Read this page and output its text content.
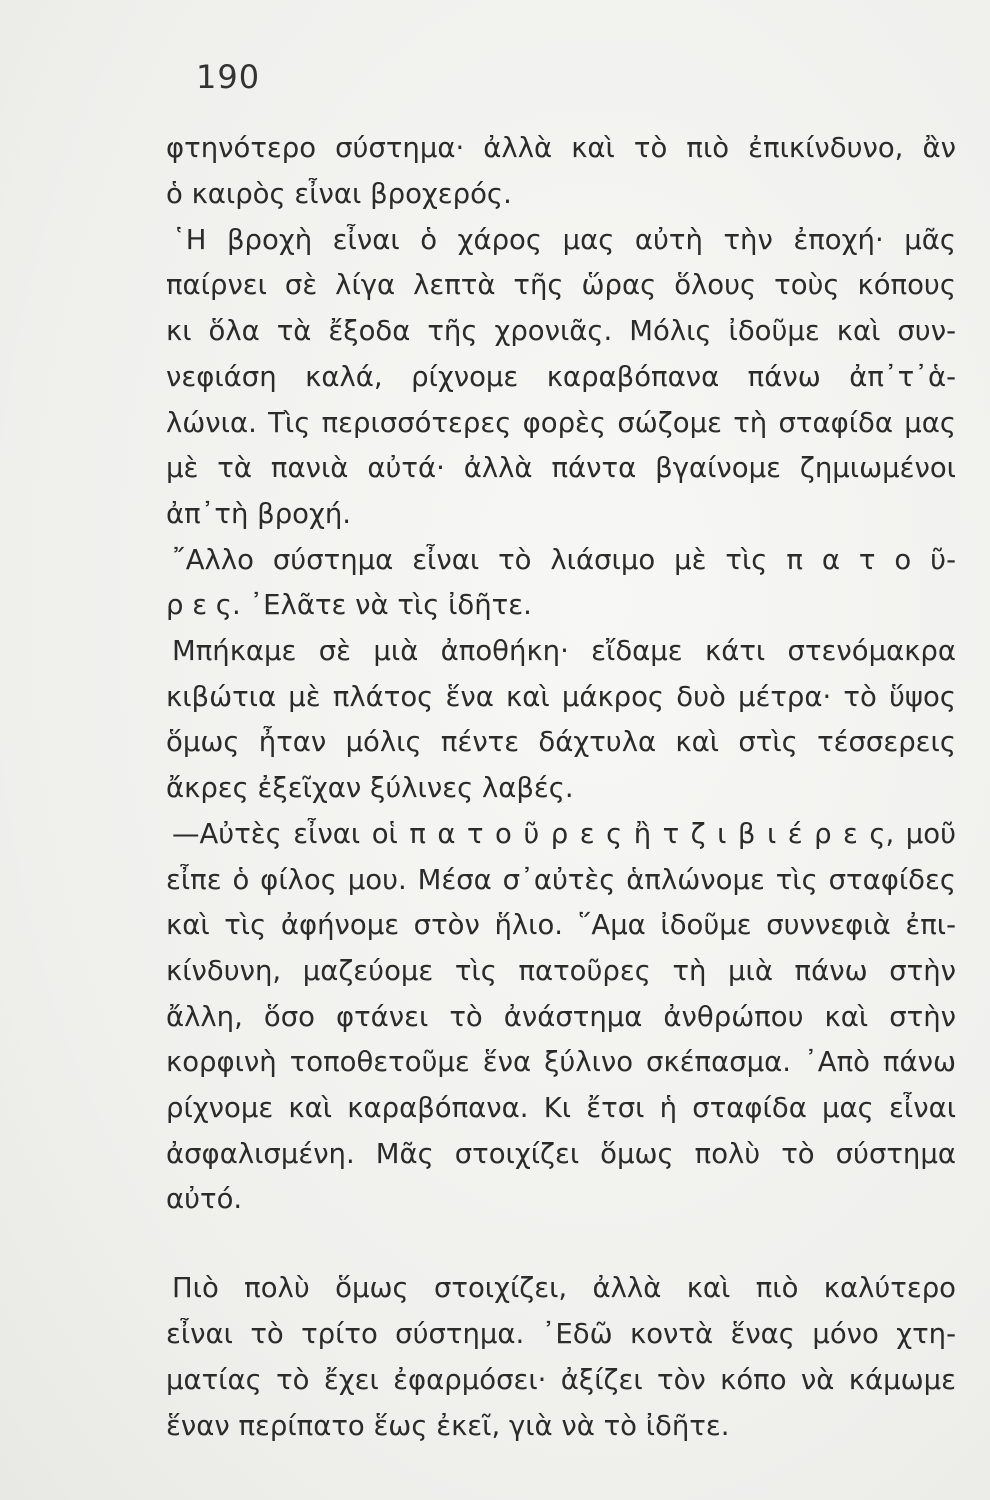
190
φτηνότερο σύστημα· ἀλλὰ καὶ τὸ πιὸ ἐπικίνδυνο, ἂν
ὁ καιρὸς εἶναι βροχερός.
῾Η βροχὴ εἶναι ὁ χάρος μας αὐτὴ τὴν ἐποχή· μᾶς
παίρνει σὲ λίγα λεπτὰ τῆς ὥρας ὅλους τοὺς κόπους
κι ὅλα τὰ ἔξοδα τῆς χρονιᾶς. Μόλις ἰδοῦμε καὶ συν-
νεφιάση καλά, ρίχνομε καραβόπανα πάνω ἀπ᾿τ᾿ἁ-
λώνια. Τὶς περισσότερες φορὲς σώζομε τὴ σταφίδα μας
μὲ τὰ πανιὰ αὐτά· ἀλλὰ πάντα βγαίνομε ζημιωμένοι
ἀπ᾿τὴ βροχή.
῎Αλλο σύστημα εἶναι τὸ λιάσιμο μὲ τὶς π α τ ο ῦ-
ρ ε ς. ᾿Ελᾶτε νὰ τὶς ἰδῆτε.
Μπήκαμε σὲ μιὰ ἀποθήκη· εἴδαμε κάτι στενόμακρα
κιβώτια μὲ πλάτος ἕνα καὶ μάκρος δυὸ μέτρα· τὸ ὕψος
ὅμως ἦταν μόλις πέντε δάχτυλα καὶ στὶς τέσσερεις
ἄκρες ἐξεῖχαν ξύλινες λαβές.
—Αὐτὲς εἶναι οἱ π α τ ο ῦ ρ ε ς ἢ τ ζ ι β ι έ ρ ε ς, μοῦ
εἶπε ὁ φίλος μου. Μέσα σ᾿αὐτὲς ἁπλώνομε τὶς σταφίδες
καὶ τὶς ἀφήνομε στὸν ἥλιο. ῞Αμα ἰδοῦμε συννεφιὰ ἐπι-
κίνδυνη, μαζεύομε τὶς πατοῦρες τὴ μιὰ πάνω στὴν
ἄλλη, ὅσο φτάνει τὸ ἀνάστημα ἀνθρώπου καὶ στὴν
κορφινὴ τοποθετοῦμε ἕνα ξύλινο σκέπασμα. ᾿Απὸ πάνω
ρίχνομε καὶ καραβόπανα. Κι ἔτσι ἡ σταφίδα μας εἶναι
ἀσφαλισμένη. Μᾶς στοιχίζει ὅμως πολὺ τὸ σύστημα
αὐτό.
Πιὸ πολὺ ὅμως στοιχίζει, ἀλλὰ καὶ πιὸ καλύτερο
εἶναι τὸ τρίτο σύστημα. ᾿Εδῶ κοντὰ ἕνας μόνο χτη-
ματίας τὸ ἔχει ἐφαρμόσει· ἀξίζει τὸν κόπο νὰ κάμωμε
ἕναν περίπατο ἕως ἐκεῖ, γιὰ νὰ τὸ ἰδῆτε.
